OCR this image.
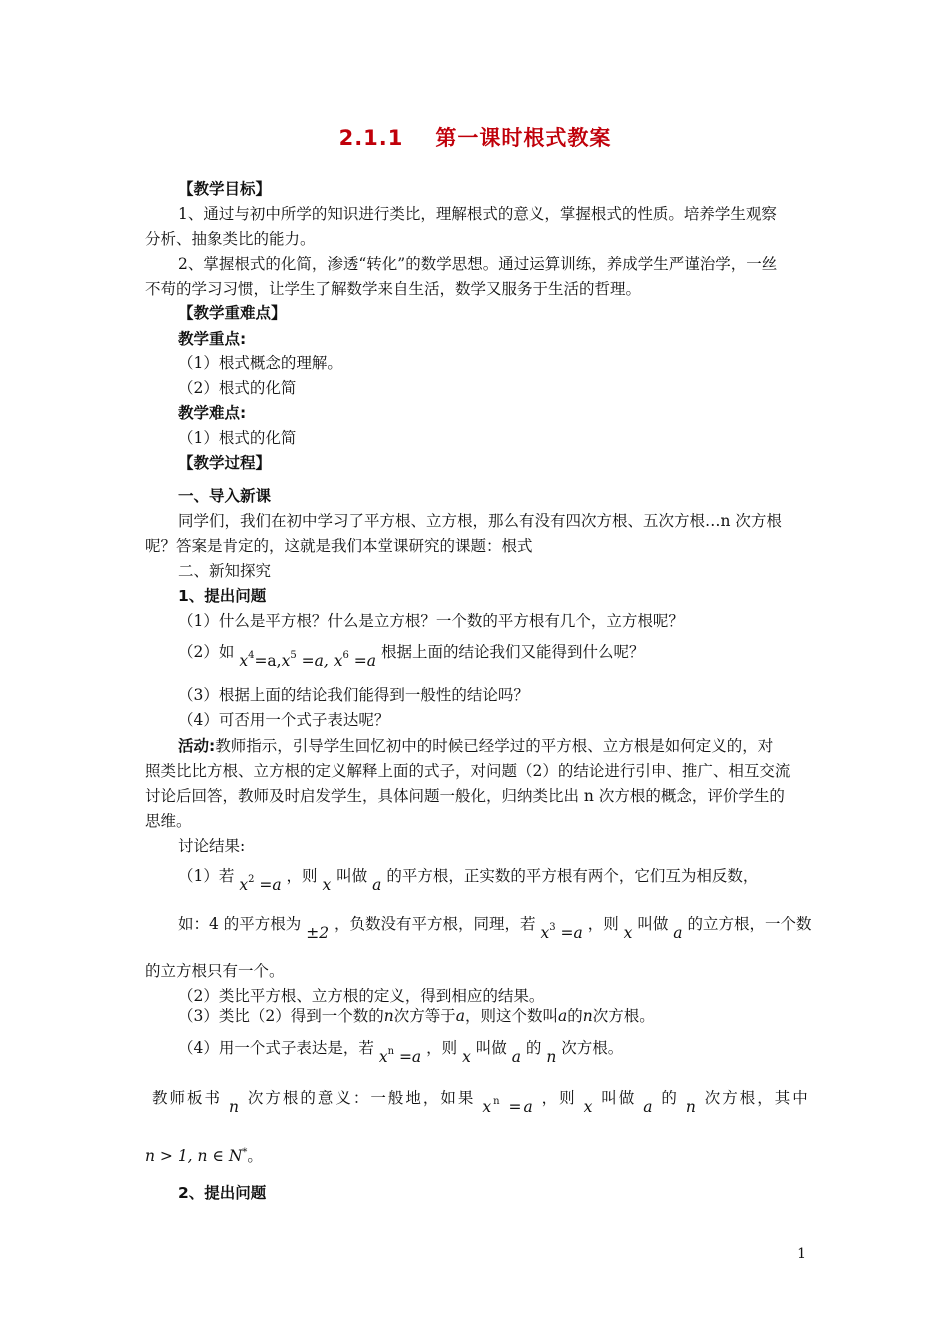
2.1.1 第一课时根式教案
【教学目标】
1、通过与初中所学的知识进行类比，理解根式的意义，掌握根式的性质。培养学生观察
分析、抽象类比的能力。
2、掌握根式的化简，渗透“转化”的数学思想。通过运算训练，养成学生严谨治学，一丝
不苟的学习习惯，让学生了解数学来自生活，数学又服务于生活的哲理。
【教学重难点】
教学重点:
（1）根式概念的理解。
（2）根式的化简
教学难点:
（1）根式的化简
【教学过程】
一、导入新课
同学们，我们在初中学习了平方根、立方根，那么有没有四次方根、五次方根…n 次方根
呢？答案是肯定的，这就是我们本堂课研究的课题：根式
二、新知探究
1、提出问题
（1）什么是平方根？什么是立方根？一个数的平方根有几个，立方根呢？
（2）如 $x^4=a,x^5 =a$, $x^6 =a$ 根据上面的结论我们又能得到什么呢？
（3）根据上面的结论我们能得到一般性的结论吗？
（4）可否用一个式子表达呢？
活动:教师指示，引导学生回忆初中的时候已经学过的平方根、立方根是如何定义的，对
照类比比方根、立方根的定义解释上面的式子，对问题（2）的结论进行引申、推广、相互交流
讨论后回答，教师及时启发学生，具体问题一般化，归纳类比出 n 次方根的概念，评价学生的
思维。
讨论结果:
（1）若 $x^2 =a$ ，则 x 叫做 a 的平方根，正实数的平方根有两个，它们互为相反数，
如：4 的平方根为 ±2 ，负数没有平方根，同理，若 $x^3 =a$ ，则 x 叫做 a 的立方根，一个数
的立方根只有一个。
（2）类比平方根、立方根的定义，得到相应的结果。
（3）类比（2）得到一个数的n次方等于a，则这个数叫a的n次方根。
（4）用一个式子表达是，若 $x^n =a$ ，则 x 叫做 a 的 n 次方根。
教师板书 n 次方根的意义：一般地，如果 $x^n =a$ ，则 x 叫做 a 的 n 次方根，其中
n > 1, n ∈ N*。
2、提出问题
1
